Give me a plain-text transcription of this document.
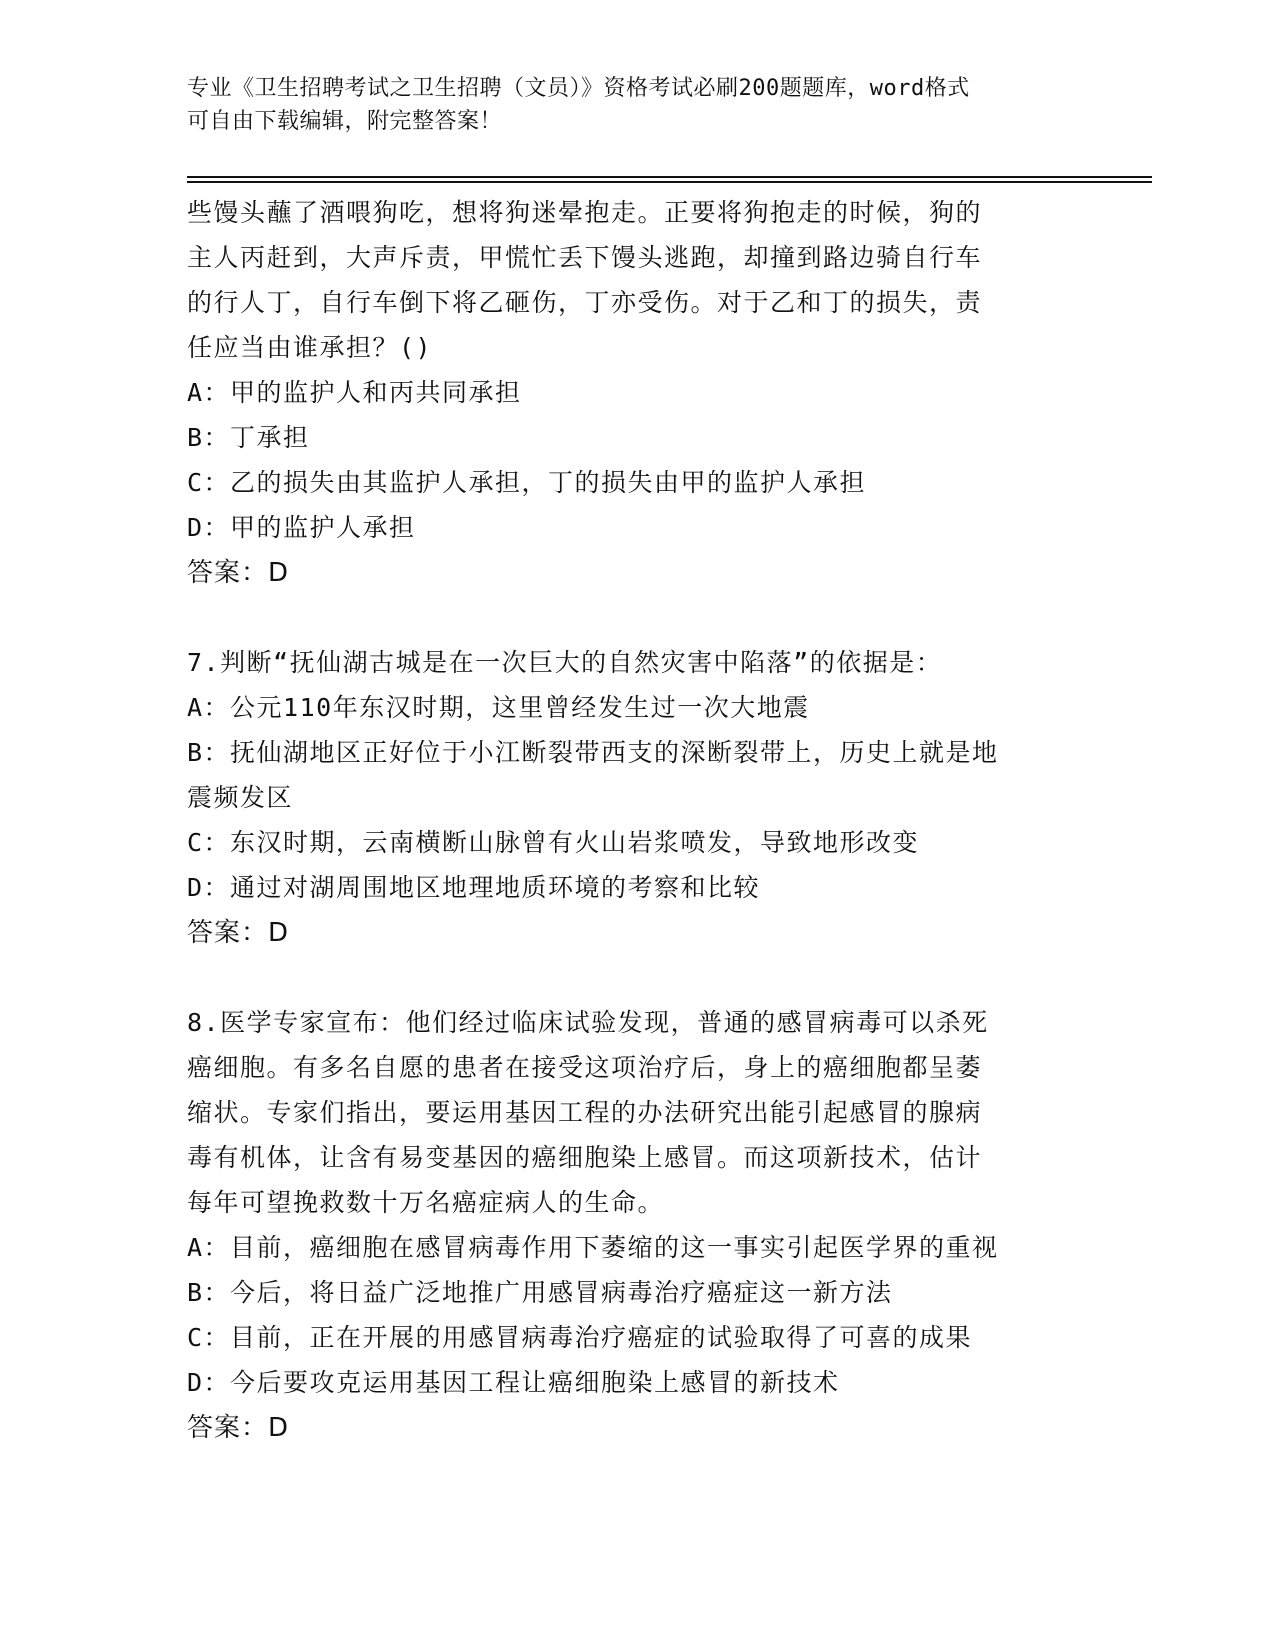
专业《卫生招聘考试之卫生招聘（文员）》资格考试必刷200题题库，word格式
可自由下载编辑，附完整答案！
些馒头蘸了酒喂狗吃，想将狗迷晕抱走。正要将狗抱走的时候，狗的
主人丙赶到，大声斥责，甲慌忙丢下馒头逃跑，却撞到路边骑自行车
的行人丁，自行车倒下将乙砸伤，丁亦受伤。对于乙和丁的损失，责
任应当由谁承担？()
A：甲的监护人和丙共同承担
B：丁承担
C：乙的损失由其监护人承担，丁的损失由甲的监护人承担
D：甲的监护人承担
答案：D
7.判断“抚仙湖古城是在一次巨大的自然灾害中陷落”的依据是：
A：公元110年东汉时期，这里曾经发生过一次大地震
B：抚仙湖地区正好位于小江断裂带西支的深断裂带上，历史上就是地
震频发区
C：东汉时期，云南横断山脉曾有火山岩浆喷发，导致地形改变
D：通过对湖周围地区地理地质环境的考察和比较
答案：D
8.医学专家宣布：他们经过临床试验发现，普通的感冒病毒可以杀死
癌细胞。有多名自愿的患者在接受这项治疗后，身上的癌细胞都呈萎
缩状。专家们指出，要运用基因工程的办法研究出能引起感冒的腺病
毒有机体，让含有易变基因的癌细胞染上感冒。而这项新技术，估计
每年可望挽救数十万名癌症病人的生命。
A：目前，癌细胞在感冒病毒作用下萎缩的这一事实引起医学界的重视
B：今后，将日益广泛地推广用感冒病毒治疗癌症这一新方法
C：目前，正在开展的用感冒病毒治疗癌症的试验取得了可喜的成果
D：今后要攻克运用基因工程让癌细胞染上感冒的新技术
答案：D
